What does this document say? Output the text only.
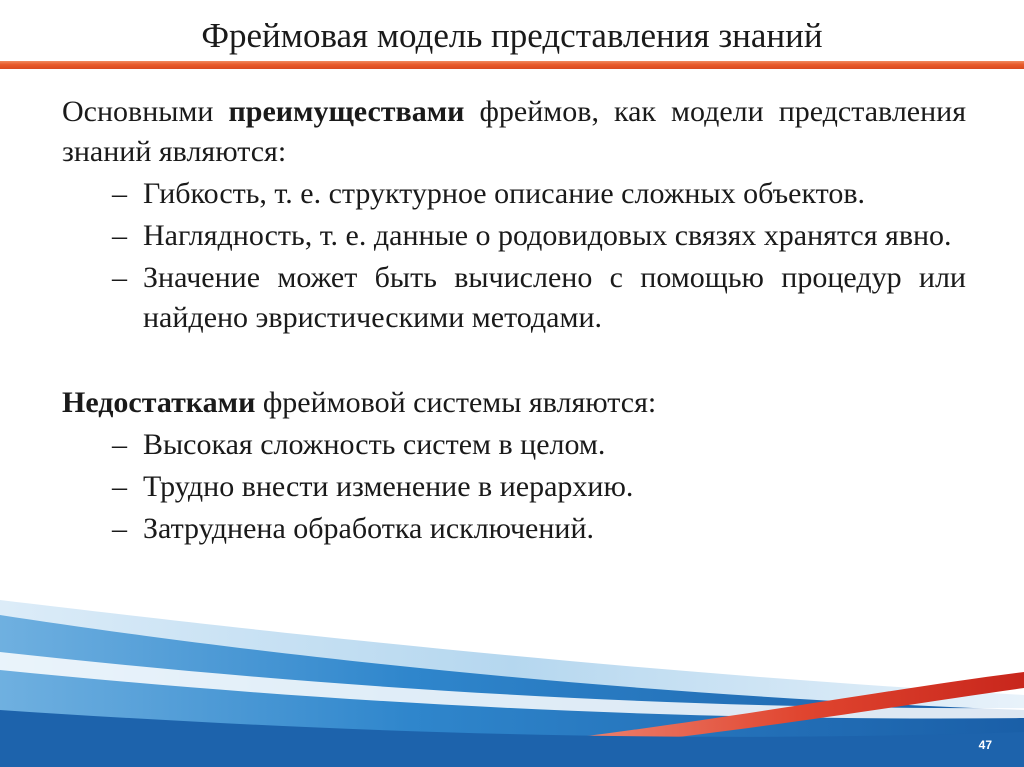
Фреймовая модель представления знаний

Основными преимуществами фреймов, как модели представления знаний являются:

– Гибкость, т. е. структурное описание сложных объектов.
– Наглядность, т. е. данные о родовидовых связях хранятся явно.
– Значение может быть вычислено с помощью процедур или найдено эвристическими методами.

Недостатками фреймовой системы являются:

– Высокая сложность систем в целом.
– Трудно внести изменение в иерархию.
– Затруднена обработка исключений.
47
